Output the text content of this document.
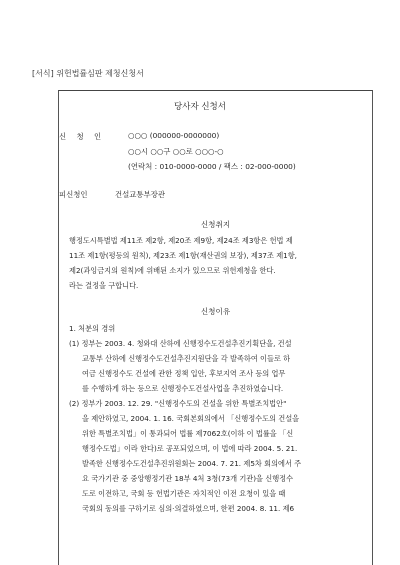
[서식] 위헌법률심판 제청신청서
당사자 신청서
신 청 인	○○○ (000000-0000000)
○○시 ○○구 ○○로 ○○○-○
(연락처 : 010-0000-0000 / 팩스 : 02-000-0000)
피신청인	건설교통부장관
신청취지
행정도시특별법 제11조 제2항, 제20조 제9항, 제24조 제3항은 헌법 제
11조 제1항(평등의 원칙), 제23조 제1항(재산권의 보장), 제37조 제1항,
제2(과잉금지의 원칙)에 위배된 소지가 있으므로 위헌제청을 한다.
라는 결정을 구합니다.
신청이유
1. 처분의 경위
(1) 정부는 2003. 4. 청와대 산하에 신행정수도건설추진기획단을, 건설
교통부 산하에 신행정수도건설추진지원단을 각 발족하여 이들로 하
여금 신행정수도 건설에 관한 정책 입안, 후보지역 조사 등의 업무
를 수행하게 하는 등으로 신행정수도건설사업을 추진하였습니다.
(2) 정부가 2003. 12. 29. "신행정수도의 건설을 위한 특별조치법안"
을 제안하였고, 2004. 1. 16. 국회본회의에서 「신행정수도의 건설을
위한 특별조치법」이 통과되어 법률 제7062호(이하 이 법률을 「신
행정수도법」이라 한다)로 공포되었으며, 이 법에 따라 2004. 5. 21.
발족한 신행정수도건설추진위원회는 2004. 7. 21. 제5차 회의에서 주
요 국가기관 중 중앙행정기관 18부 4처 3청(73개 기관)을 신행정수
도로 이전하고, 국회 등 헌법기관은 자치적인 이전 요청이 있을 때
국회의 동의를 구하기로 심의·의결하였으며, 한편 2004. 8. 11. 제6
